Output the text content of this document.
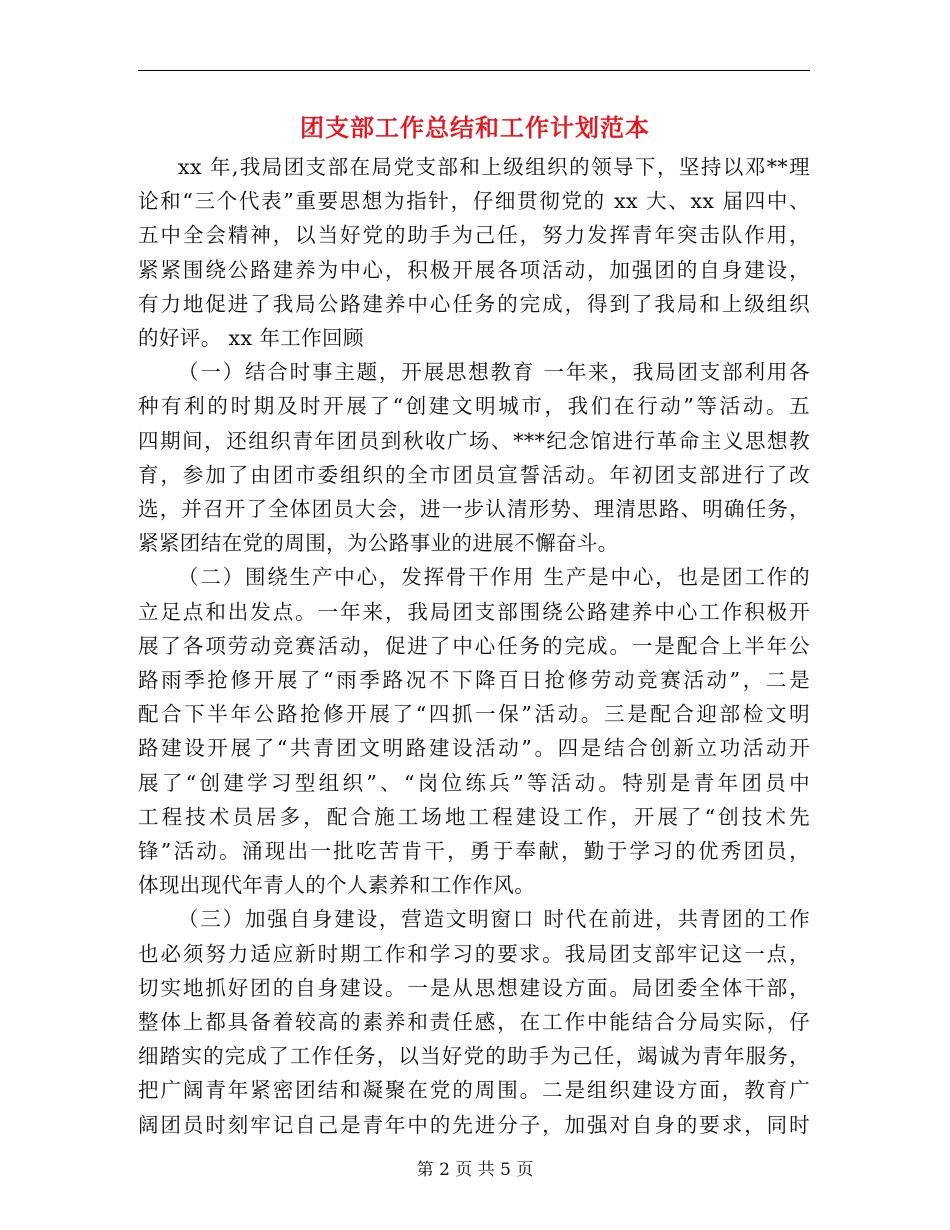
团支部工作总结和工作计划范本

xx 年,我局团支部在局党支部和上级组织的领导下，坚持以邓**理
论和“三个代表”重要思想为指针，仔细贯彻党的 xx 大、xx 届四中、
五中全会精神，以当好党的助手为己任，努力发挥青年突击队作用，
紧紧围绕公路建养为中心，积极开展各项活动，加强团的自身建设，
有力地促进了我局公路建养中心任务的完成，得到了我局和上级组织
的好评。 xx 年工作回顾

（一）结合时事主题，开展思想教育 一年来，我局团支部利用各
种有利的时期及时开展了“创建文明城市，我们在行动”等活动。五
四期间，还组织青年团员到秋收广场、***纪念馆进行革命主义思想教
育，参加了由团市委组织的全市团员宣誓活动。年初团支部进行了改
选，并召开了全体团员大会，进一步认清形势、理清思路、明确任务，
紧紧团结在党的周围，为公路事业的进展不懈奋斗。

（二）围绕生产中心，发挥骨干作用 生产是中心，也是团工作的
立足点和出发点。一年来，我局团支部围绕公路建养中心工作积极开
展了各项劳动竞赛活动，促进了中心任务的完成。一是配合上半年公
路雨季抢修开展了“雨季路况不下降百日抢修劳动竞赛活动”，二是
配合下半年公路抢修开展了“四抓一保”活动。三是配合迎部检文明
路建设开展了“共青团文明路建设活动”。四是结合创新立功活动开
展了“创建学习型组织”、“岗位练兵”等活动。特别是青年团员中
工程技术员居多，配合施工场地工程建设工作，开展了“创技术先
锋”活动。涌现出一批吃苦肯干，勇于奉献，勤于学习的优秀团员，
体现出现代年青人的个人素养和工作作风。

（三）加强自身建设，营造文明窗口 时代在前进，共青团的工作
也必须努力适应新时期工作和学习的要求。我局团支部牢记这一点，
切实地抓好团的自身建设。一是从思想建设方面。局团委全体干部，
整体上都具备着较高的素养和责任感，在工作中能结合分局实际，仔
细踏实的完成了工作任务，以当好党的助手为己任，竭诚为青年服务，
把广阔青年紧密团结和凝聚在党的周围。二是组织建设方面，教育广
阔团员时刻牢记自己是青年中的先进分子，加强对自身的要求，同时

第 2 页 共 5 页
